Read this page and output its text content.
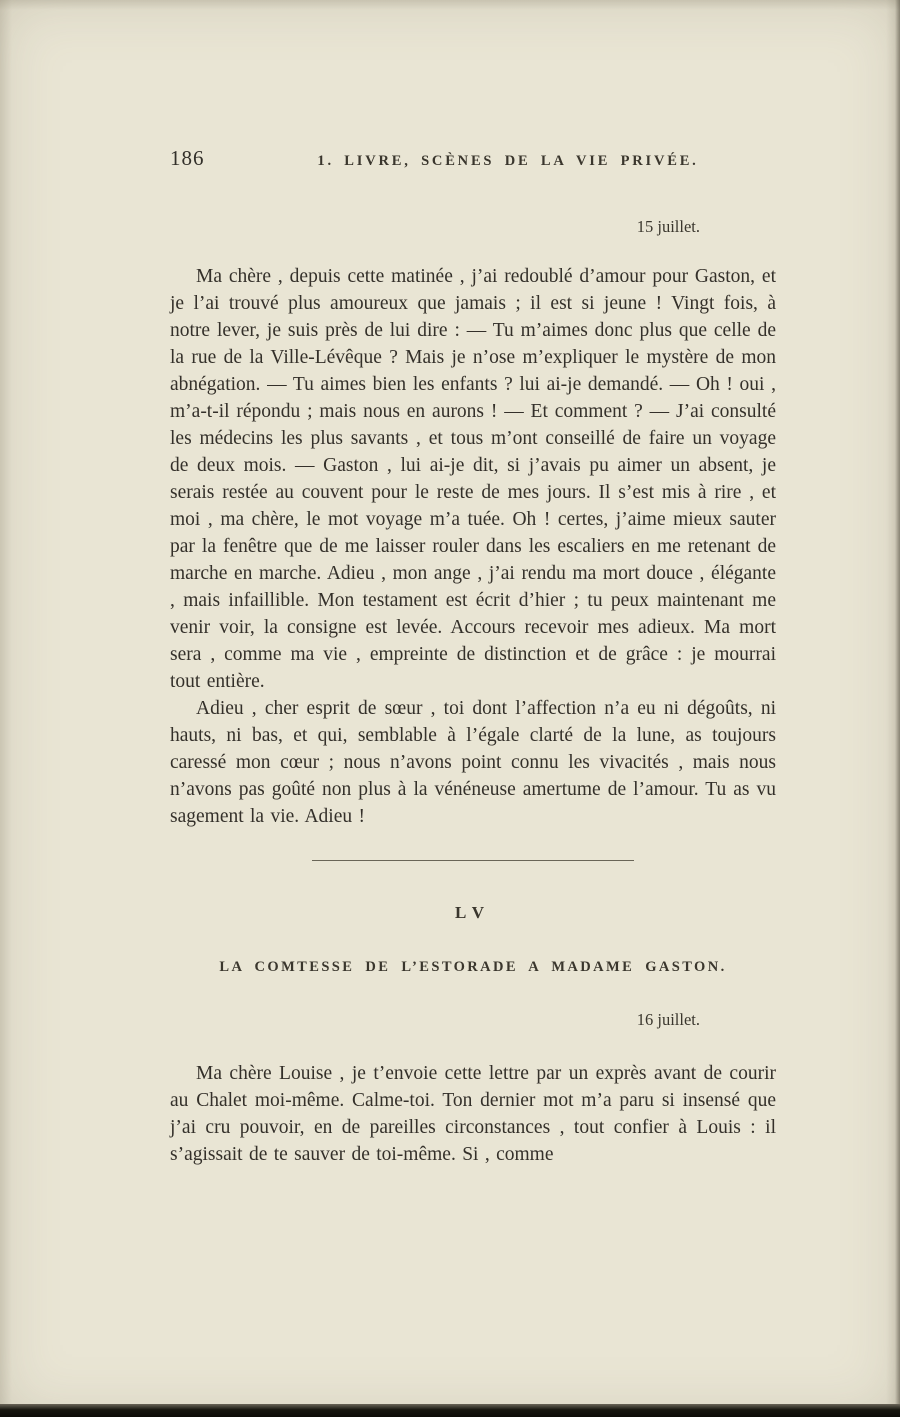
186	1. LIVRE, SCÈNES DE LA VIE PRIVÉE.
15 juillet.

Ma chère , depuis cette matinée , j’ai redoublé d’amour pour Gaston, et je l’ai trouvé plus amoureux que jamais ; il est si jeune ! Vingt fois, à notre lever, je suis près de lui dire : — Tu m’aimes donc plus que celle de la rue de la Ville-Lévêque ? Mais je n’ose m’expliquer le mystère de mon abnégation. — Tu aimes bien les enfants ? lui ai-je demandé. — Oh ! oui , m’a-t-il répondu ; mais nous en aurons ! — Et comment ? — J’ai consulté les médecins les plus savants , et tous m’ont conseillé de faire un voyage de deux mois. — Gaston , lui ai-je dit, si j’avais pu aimer un absent, je serais restée au couvent pour le reste de mes jours. Il s’est mis à rire , et moi , ma chère, le mot voyage m’a tuée. Oh ! certes, j’aime mieux sauter par la fenêtre que de me laisser rouler dans les escaliers en me retenant de marche en marche. Adieu , mon ange , j’ai rendu ma mort douce , élégante , mais infaillible. Mon testament est écrit d’hier ; tu peux maintenant me venir voir, la consigne est levée. Accours recevoir mes adieux. Ma mort sera , comme ma vie , empreinte de distinction et de grâce : je mourrai tout entière.

Adieu , cher esprit de sœur , toi dont l’affection n’a eu ni dégoûts, ni hauts, ni bas, et qui, semblable à l’égale clarté de la lune, as toujours caressé mon cœur ; nous n’avons point connu les vivacités , mais nous n’avons pas goûté non plus à la vénéneuse amertume de l’amour. Tu as vu sagement la vie. Adieu !

LV
LA COMTESSE DE L’ESTORADE A MADAME GASTON.
16 juillet.

Ma chère Louise , je t’envoie cette lettre par un exprès avant de courir au Chalet moi-même. Calme-toi. Ton dernier mot m’a paru si insensé que j’ai cru pouvoir, en de pareilles circonstances , tout confier à Louis : il s’agissait de te sauver de toi-même. Si , comme
